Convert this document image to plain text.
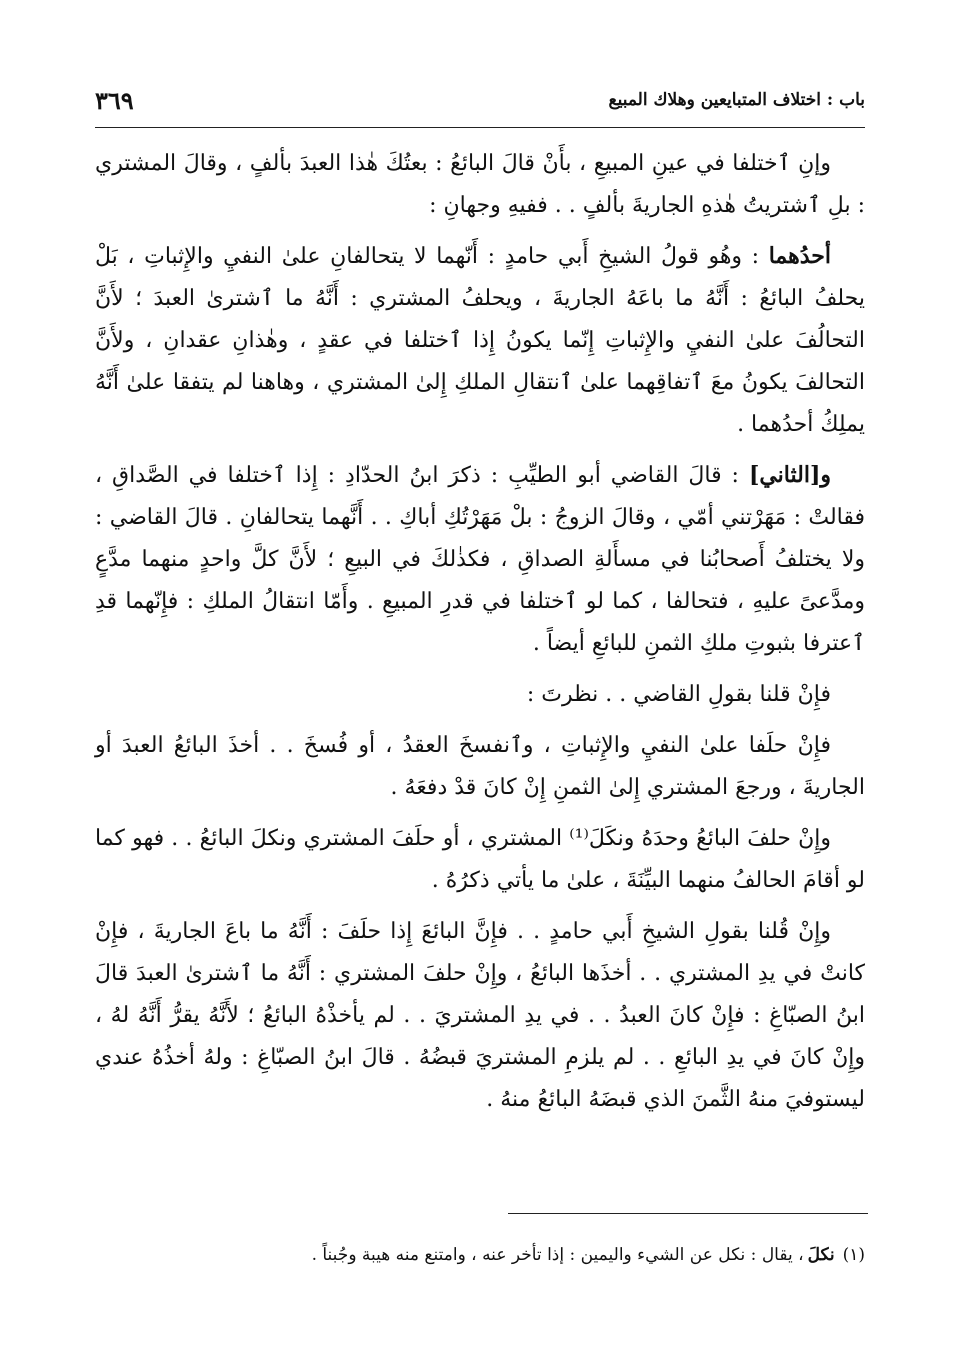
باب : اختلاف المتبايعين وهلاك المبيع
٣٦٩

وإنِ ٱختلفا في عينِ المبيعِ ، بأَنْ قالَ البائعُ : بعتُكَ هٰذا العبدَ بألفٍ ، وقالَ المشتري : بلِ ٱشتريتُ هٰذهِ الجاريةَ بألفٍ . . ففيهِ وجهانِ :

أحدُهما : وهُو قولُ الشيخِ أَبي حامدٍ : أَنّهما لا يتحالفانِ علىٰ النفيِ والإِثباتِ ، بَلْ يحلفُ البائعُ : أَنَّهُ ما باعَهُ الجاريةَ ، ويحلفُ المشتري : أَنَّهُ ما ٱشترىٰ العبدَ ؛ لأَنَّ التحالُفَ علىٰ النفيِ والإِثباتِ إِنّما يكونُ إِذا ٱختلفا في عقدٍ ، وهٰذانِ عقدانِ ، ولأَنَّ التحالفَ يكونُ معَ ٱتفاقِهما علىٰ ٱنتقالِ الملكِ إِلىٰ المشتري ، وهاهنا لم يتفقا علىٰ أَنَّهُ يملِكُ أحدُهما .

و[الثاني] : قالَ القاضي أبو الطيِّبِ : ذكرَ ابنُ الحدّادِ : إِذا ٱختلفا في الصَّداقِ ، فقالتْ : مَهَرْتني أمّي ، وقالَ الزوجُ : بلْ مَهَرْتُكِ أباكِ . . أَنَّهما يتحالفانِ . قالَ القاضي : ولا يختلفُ أَصحابُنا في مسأَلةِ الصداقِ ، فكذٰلكَ في البيعِ ؛ لأَنَّ كلَّ واحدٍ منهما مدَّعٍ ومدَّعىً عليهِ ، فتحالفا ، كما لو ٱختلفا في قدرِ المبيعِ . وأَمّا انتقالُ الملكِ : فإِنّهما قدِ ٱعترفا بثبوتِ ملكِ الثمنِ للبائعِ أيضاً .

فإِنْ قلنا بقولِ القاضي . . نظرتَ :

فإِنْ حلَفا علىٰ النفيِ والإِثباتِ ، وٱنفسخَ العقدُ ، أو فُسخَ . . أخذَ البائعُ العبدَ أو الجاريةَ ، ورجعَ المشتري إِلىٰ الثمنِ إِنْ كانَ قدْ دفعَهُ .

وإِنْ حلفَ البائعُ وحدَهُ ونكَلَ⁽¹⁾ المشتري ، أو حلَفَ المشتري ونكلَ البائعُ . . فهو كما لو أقامَ الحالفُ منهما البيِّنَةَ ، علىٰ ما يأتي ذكرُهُ .

وإِنْ قُلنا بقولِ الشيخِ أَبي حامدٍ . . فإِنَّ البائعَ إِذا حلَفَ : أَنَّهُ ما باعَ الجاريةَ ، فإِنْ كانتْ في يدِ المشتري . . أخذَها البائعُ ، وإِنْ حلفَ المشتري : أَنَّهُ ما ٱشترىٰ العبدَ قالَ ابنُ الصبّاغِ : فإِنْ كانَ العبدُ . . في يدِ المشتريَ . . لم يأخذْهُ البائعُ ؛ لأَنَّهُ يقرُّ أَنَّهُ لهُ ، وإِنْ كانَ في يدِ البائعِ . . لم يلزمِ المشتريَ قبضُهُ . قالَ ابنُ الصبّاغِ : ولهُ أخذُهُ عندي ليستوفيَ منهُ الثَّمنَ الذي قبضَهُ البائعُ منهُ .

(١)نكلَ، يقال : نكل عن الشيء واليمين : إذا تأخر عنه ، وامتنع منه هيبة وجُبناً .
